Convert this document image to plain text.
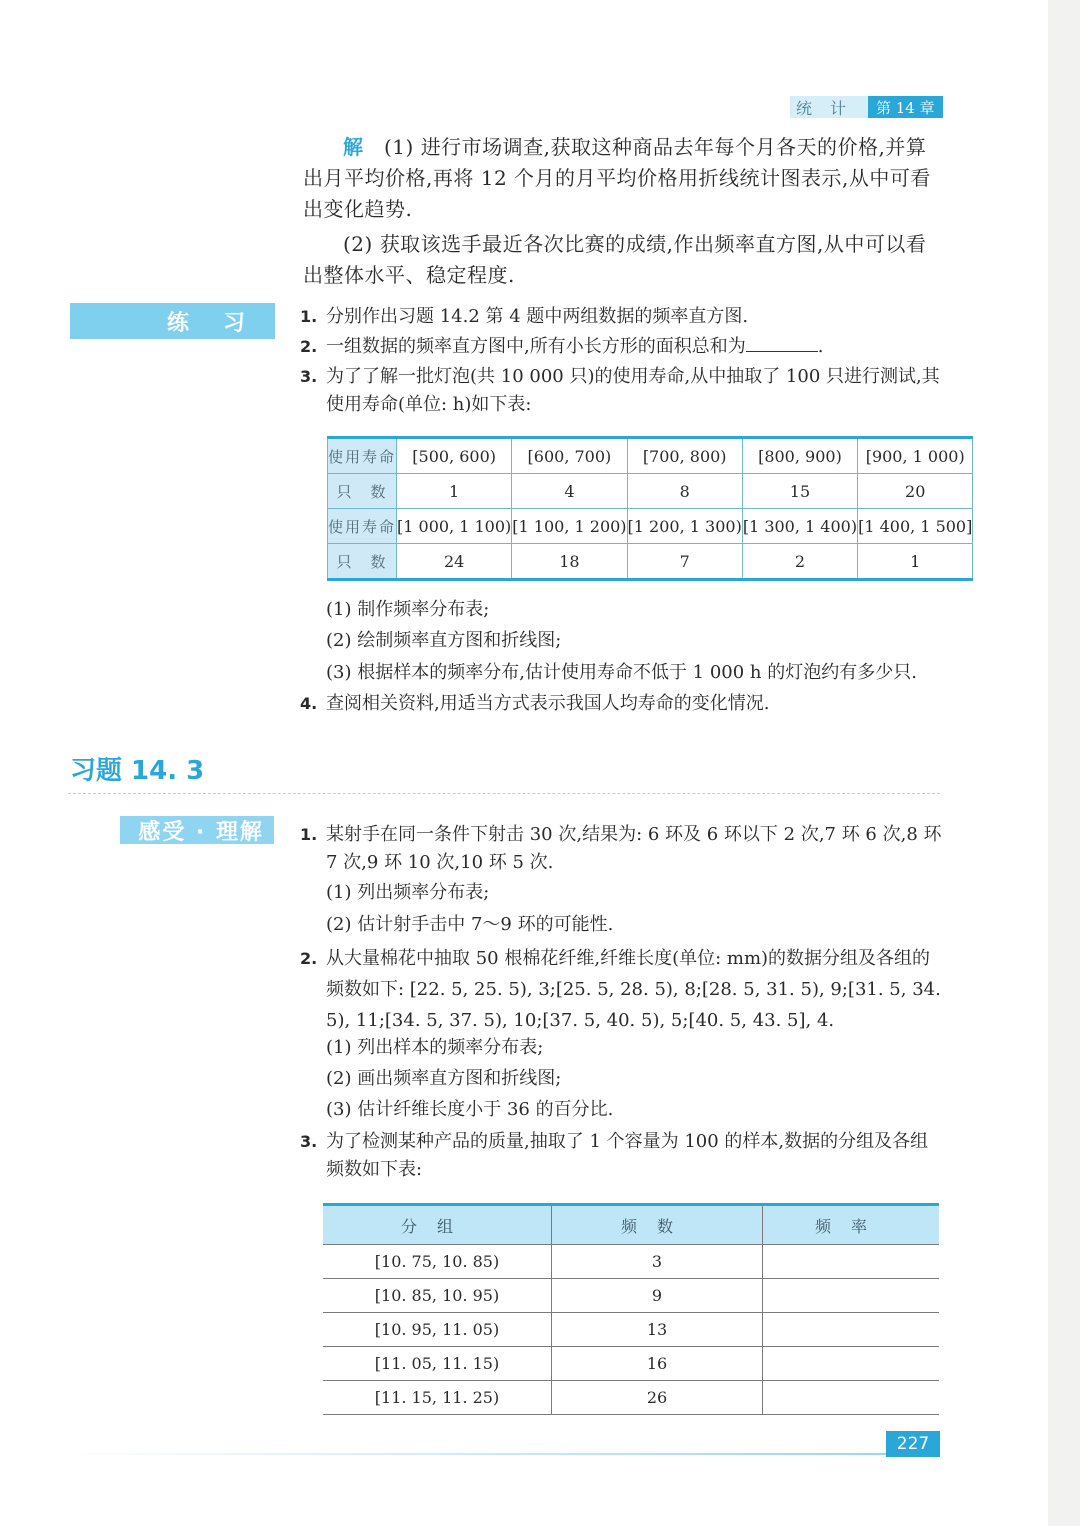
统　计	第 14 章
解　 (1) 进行市场调查,获取这种商品去年每个月各天的价格,并算出月平均价格,再将 12 个月的月平均价格用折线统计图表示,从中可看出变化趋势.
(2) 获取该选手最近各次比赛的成绩,作出频率直方图,从中可以看出整体水平、稳定程度.
练　习	1. 分别作出习题 14.2 第 4 题中两组数据的频率直方图.
2. 一组数据的频率直方图中,所有小长方形的面积总和为	.
3. 为了了解一批灯泡(共 10 000 只)的使用寿命,从中抽取了 100 只进行测试,其使用寿命(单位: h)如下表:
使用寿命	[500, 600)	[600, 700)	[700, 800)	[800, 900)	[900, 1 000)
只　数	1	4	8	15	20
使用寿命	[1 000, 1 100)	[1 100, 1 200)	[1 200, 1 300)	[1 300, 1 400)	[1 400, 1 500]
只　数	24	18	7	2	1
(1) 制作频率分布表;
(2) 绘制频率直方图和折线图;
(3) 根据样本的频率分布,估计使用寿命不低于 1 000 h 的灯泡约有多少只.
4. 查阅相关资料,用适当方式表示我国人均寿命的变化情况.
习题 14. 3
感受 · 理解	1. 某射手在同一条件下射击 30 次,结果为: 6 环及 6 环以下 2 次,7 环 6 次,8 环 7 次,9 环 10 次,10 环 5 次.
(1) 列出频率分布表;
(2) 估计射手击中 7～9 环的可能性.
2. 从大量棉花中抽取 50 根棉花纤维,纤维长度(单位: mm)的数据分组及各组的频数如下: [22. 5, 25. 5), 3;[25. 5, 28. 5), 8;[28. 5, 31. 5), 9;[31. 5, 34. 5), 11;[34. 5, 37. 5), 10;[37. 5, 40. 5), 5;[40. 5, 43. 5], 4.
(1) 列出样本的频率分布表;
(2) 画出频率直方图和折线图;
(3) 估计纤维长度小于 36 的百分比.
3. 为了检测某种产品的质量,抽取了 1 个容量为 100 的样本,数据的分组及各组频数如下表:
分组	频数	频率
[10. 75, 10. 85)	3	
[10. 85, 10. 95)	9	
[10. 95, 11. 05)	13	
[11. 05, 11. 15)	16	
[11. 15, 11. 25)	26	
227
